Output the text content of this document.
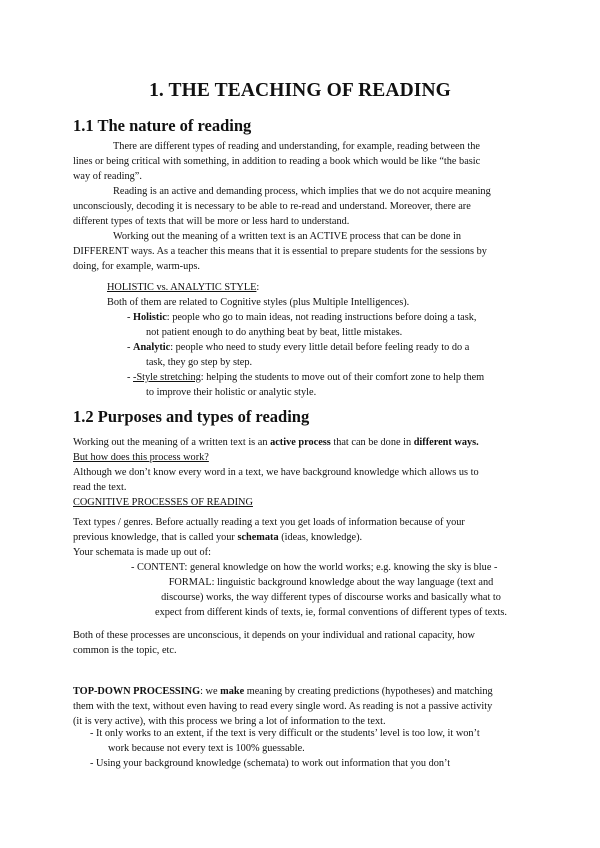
1. THE TEACHING OF READING
1.1 The nature of reading
There are different types of reading and understanding, for example, reading between the
lines or being critical with something, in addition to reading a book which would be like “the basic
way of reading”.
Reading is an active and demanding process, which implies that we do not acquire meaning
unconsciously, decoding it is necessary to be able to re-read and understand. Moreover, there are
different types of texts that will be more or less hard to understand.
Working out the meaning of a written text is an ACTIVE process that can be done in
DIFFERENT ways. As a teacher this means that it is essential to prepare students for the sessions by
doing, for example, warm-ups.
HOLISTIC vs. ANALYTIC STYLE:
Both of them are related to Cognitive styles (plus Multiple Intelligences).
- Holistic: people who go to main ideas, not reading instructions before doing a task,
not patient enough to do anything beat by beat, little mistakes.
- Analytic: people who need to study every little detail before feeling ready to do a
task, they go step by step.
- -Style stretching: helping the students to move out of their comfort zone to help them
to improve their holistic or analytic style.
1.2 Purposes and types of reading
Working out the meaning of a written text is an active process that can be done in different ways.
But how does this process work?
Although we don’t know every word in a text, we have background knowledge which allows us to
read the text.
COGNITIVE PROCESSES OF READING
Text types / genres. Before actually reading a text you get loads of information because of your
previous knowledge, that is called your schemata (ideas, knowledge).
Your schemata is made up out of:
- CONTENT: general knowledge on how the world works; e.g. knowing the sky is blue -
FORMAL: linguistic background knowledge about the way language (text and
discourse) works, the way different types of discourse works and basically what to
expect from different kinds of texts, ie, formal conventions of different types of texts.
Both of these processes are unconscious, it depends on your individual and rational capacity, how
common is the topic, etc.
TOP-DOWN PROCESSING: we make meaning by creating predictions (hypotheses) and matching
them with the text, without even having to read every single word. As reading is not a passive activity
(it is very active), with this process we bring a lot of information to the text.
- It only works to an extent, if the text is very difficult or the students’ level is too low, it won’t
work because not every text is 100% guessable.
- Using your background knowledge (schemata) to work out information that you don’t
